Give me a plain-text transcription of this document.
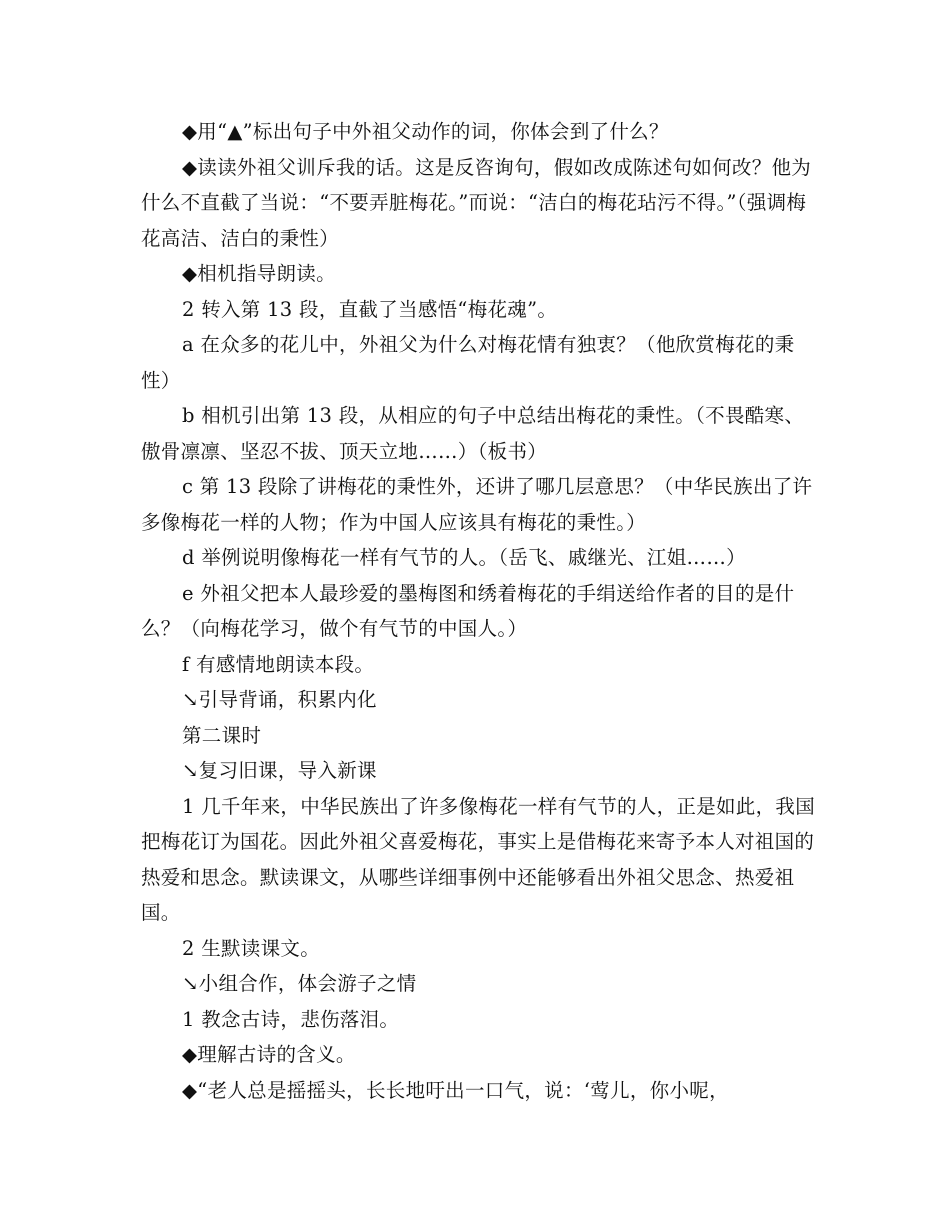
◆用“▲”标出句子中外祖父动作的词，你体会到了什么？

◆读读外祖父训斥我的话。这是反咨询句，假如改成陈述句如何改？他为什么不直截了当说：“不要弄脏梅花。”而说：“洁白的梅花玷污不得。”（强调梅花高洁、洁白的秉性）

◆相机指导朗读。

2 转入第 13 段，直截了当感悟“梅花魂”。

a 在众多的花儿中，外祖父为什么对梅花情有独衷？（他欣赏梅花的秉性）

b 相机引出第 13 段，从相应的句子中总结出梅花的秉性。（不畏酷寒、傲骨凛凛、坚忍不拔、顶天立地……）（板书）

c 第 13 段除了讲梅花的秉性外，还讲了哪几层意思？（中华民族出了许多像梅花一样的人物；作为中国人应该具有梅花的秉性。）

d 举例说明像梅花一样有气节的人。（岳飞、戚继光、江姐……）

e 外祖父把本人最珍爱的墨梅图和绣着梅花的手绢送给作者的目的是什么？（向梅花学习，做个有气节的中国人。）

f 有感情地朗读本段。

↘引导背诵，积累内化

第二课时

↘复习旧课，导入新课

1 几千年来，中华民族出了许多像梅花一样有气节的人，正是如此，我国把梅花订为国花。因此外祖父喜爱梅花，事实上是借梅花来寄予本人对祖国的热爱和思念。默读课文，从哪些详细事例中还能够看出外祖父思念、热爱祖国。

2 生默读课文。

↘小组合作，体会游子之情

1 教念古诗，悲伤落泪。

◆理解古诗的含义。

◆“老人总是摇摇头，长长地吁出一口气，说：‘莺儿，你小呢，
